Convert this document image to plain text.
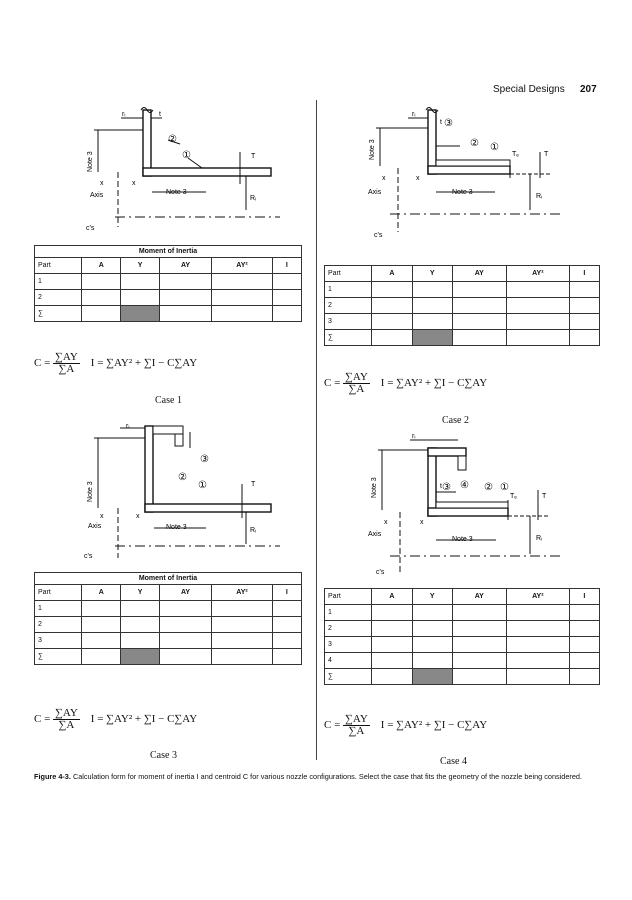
Special Designs 207
rᵢ	t
②
①	T
Note 3
x	x
Axis	Note 3
Rᵢ
c's
Moment of Inertia					
Part	A	Y	AY	AY²	I
1					
2					
∑					
$C = \frac{\sum AY}{\sum A}$ I = ∑AY² + ∑I − C∑AY
Case 1
rᵢ
t ③
② ①
Tₑ	T
Note 3
x	x
Axis	Note 3
Rᵢ
c's
Part	A	Y	AY	AY²	I
1					
2					
3					
∑					
$C = \frac{\sum AY}{\sum A}$ I = ∑AY² + ∑I − C∑AY
Case 2
rᵢ
③
②
①	T
Note 3
x	x
Axis	Note 3	Rᵢ
c's
Moment of Inertia					
Part	A	Y	AY	AY²	I
1					
2					
3					
∑					
$C = \frac{\sum AY}{\sum A}$ I = ∑AY² + ∑I − C∑AY
Case 3
rᵢ
t ③ ④ ② ①
Tₑ	T
Note 3
x	x
Axis
Note 3	Rᵢ
c's
Part	A	Y	AY	AY²	I
1					
2					
3					
4					
∑					
$C = \frac{\sum AY}{\sum A}$ I = ∑AY² + ∑I − C∑AY
Case 4
Figure 4-3. Calculation form for moment of inertia I and centroid C for various nozzle configurations. Select the case that fits the geometry of the nozzle being considered.
